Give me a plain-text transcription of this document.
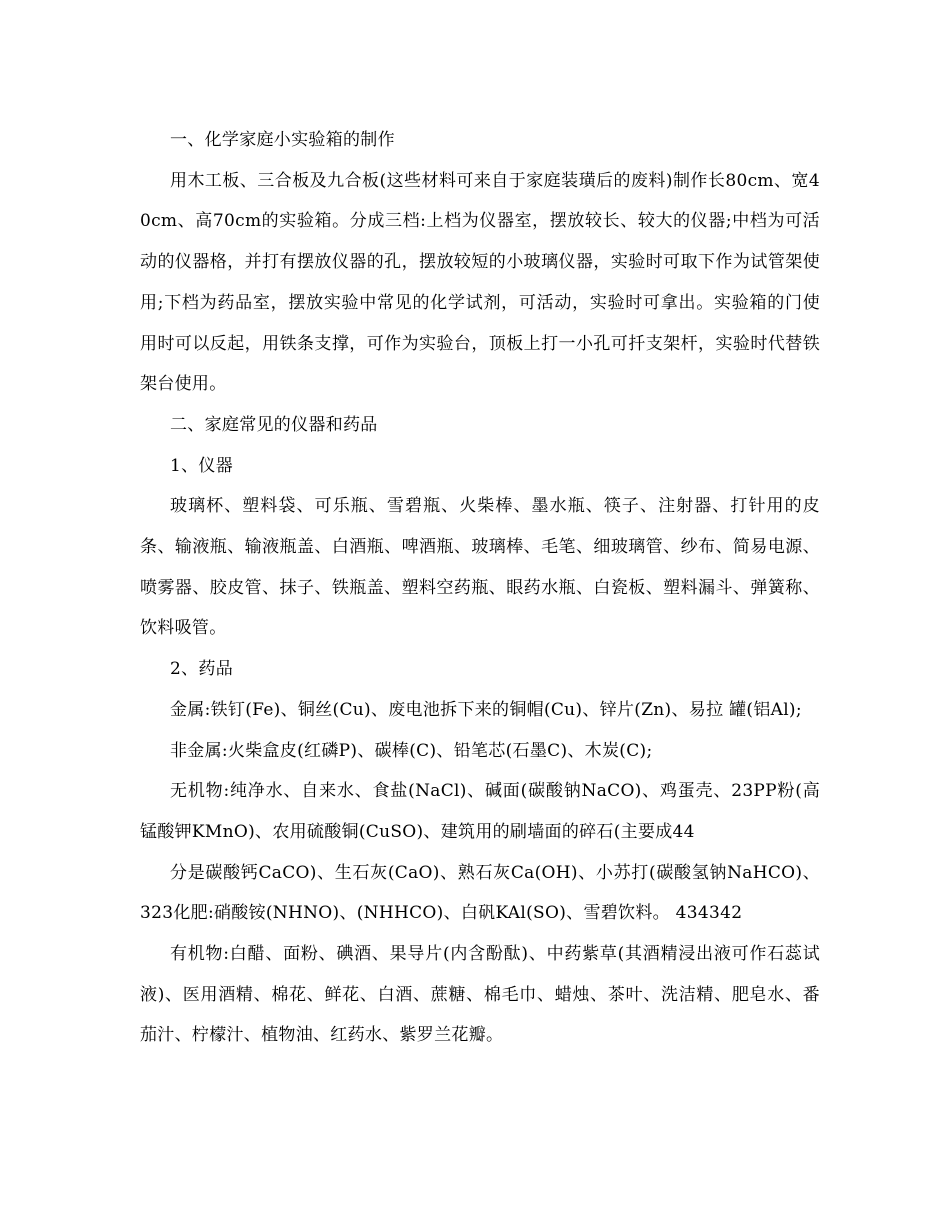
一、化学家庭小实验箱的制作

用木工板、三合板及九合板(这些材料可来自于家庭装璜后的废料)制作长80cm、宽40cm、高70cm的实验箱。分成三档:上档为仪器室，摆放较长、较大的仪器;中档为可活动的仪器格，并打有摆放仪器的孔，摆放较短的小玻璃仪器，实验时可取下作为试管架使用;下档为药品室，摆放实验中常见的化学试剂，可活动，实验时可拿出。实验箱的门使用时可以反起，用铁条支撑，可作为实验台，顶板上打一小孔可扦支架杆，实验时代替铁架台使用。

二、家庭常见的仪器和药品

1、仪器

玻璃杯、塑料袋、可乐瓶、雪碧瓶、火柴棒、墨水瓶、筷子、注射器、打针用的皮条、输液瓶、输液瓶盖、白酒瓶、啤酒瓶、玻璃棒、毛笔、细玻璃管、纱布、简易电源、喷雾器、胶皮管、抹子、铁瓶盖、塑料空药瓶、眼药水瓶、白瓷板、塑料漏斗、弹簧称、饮料吸管。

2、药品

金属:铁钉(Fe)、铜丝(Cu)、废电池拆下来的铜帽(Cu)、锌片(Zn)、易拉 罐(铝Al);

非金属:火柴盒皮(红磷P)、碳棒(C)、铅笔芯(石墨C)、木炭(C);

无机物:纯净水、自来水、食盐(NaCl)、碱面(碳酸钠NaCO)、鸡蛋壳、23PP粉(高锰酸钾KMnO)、农用硫酸铜(CuSO)、建筑用的刷墙面的碎石(主要成44

分是碳酸钙CaCO)、生石灰(CaO)、熟石灰Ca(OH)、小苏打(碳酸氢钠NaHCO)、323化肥:硝酸铵(NHNO)、(NHHCO)、白矾KAl(SO)、雪碧饮料。 434342

有机物:白醋、面粉、碘酒、果导片(内含酚酞)、中药紫草(其酒精浸出液可作石蕊试液)、医用酒精、棉花、鲜花、白酒、蔗糖、棉毛巾、蜡烛、茶叶、洗洁精、肥皂水、番茄汁、柠檬汁、植物油、红药水、紫罗兰花瓣。
